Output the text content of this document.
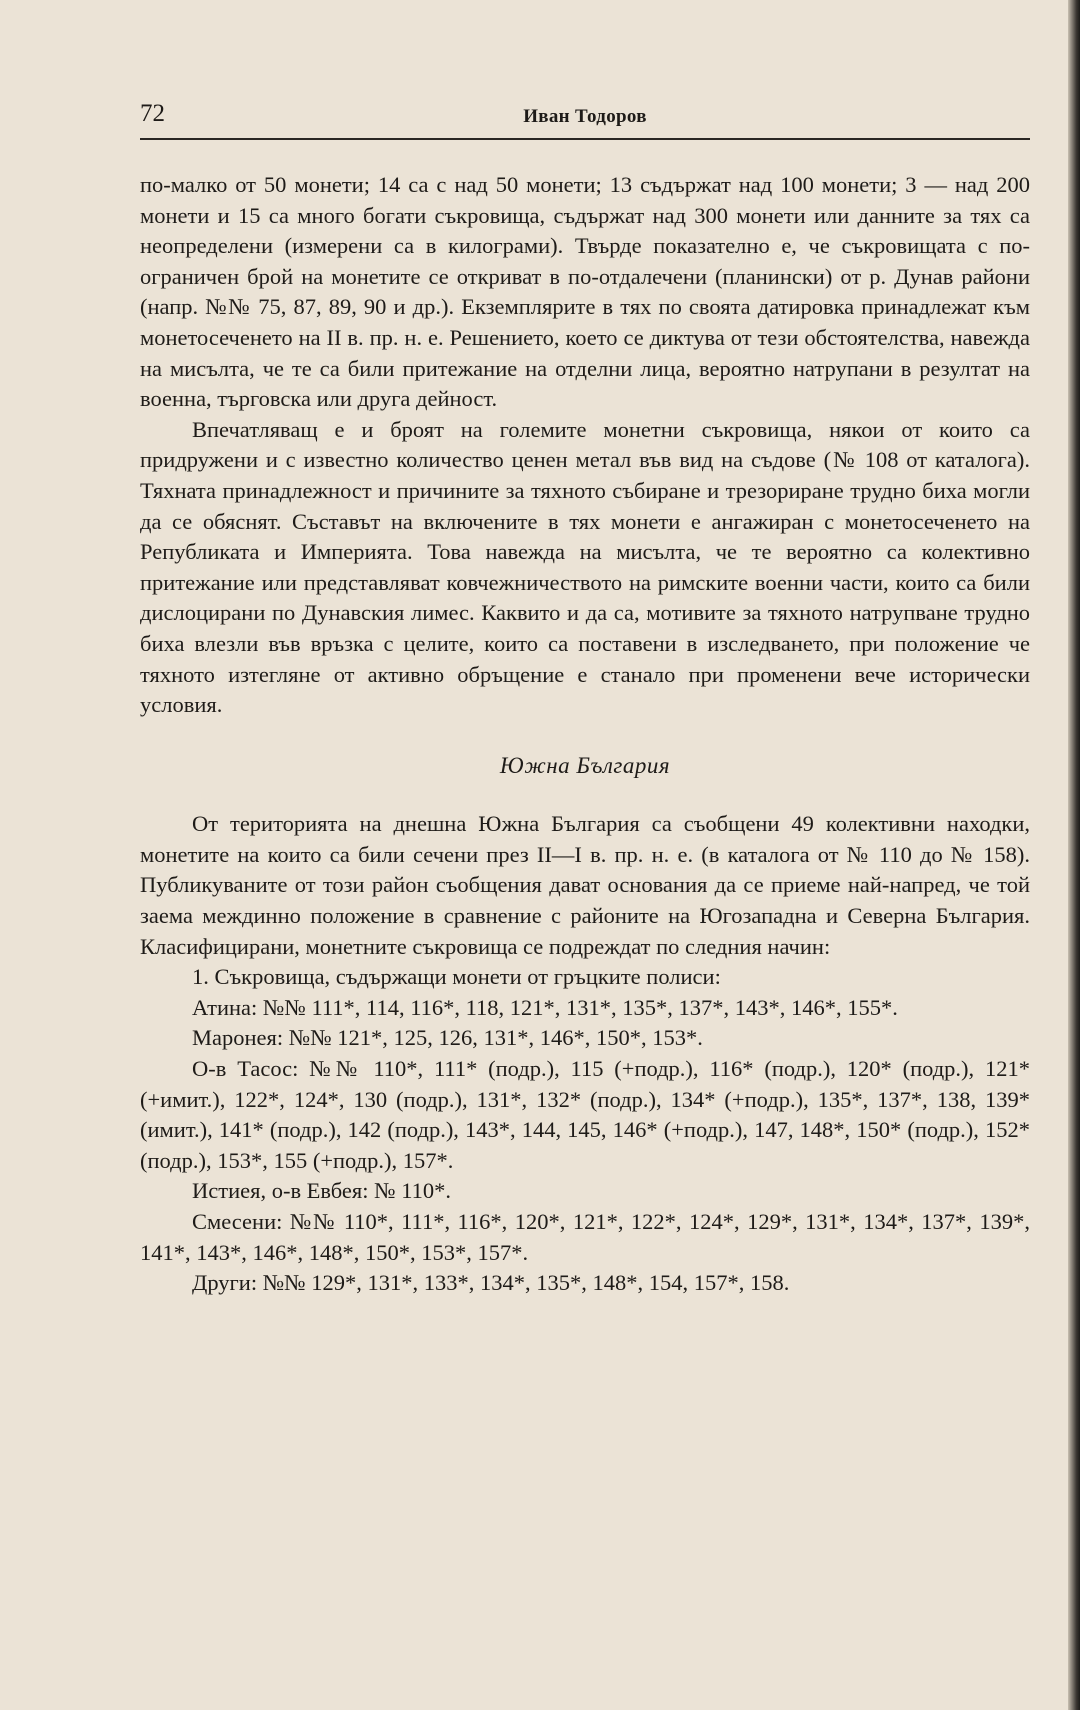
72	Иван Тодоров

по-малко от 50 монети; 14 са с над 50 монети; 13 съдържат над 100 монети; 3 — над 200 монети и 15 са много богати съкровища, съдържат над 300 монети или данните за тях са неопределени (измерени са в килограми). Твърде показателно е, че съкровищата с по-ограничен брой на монетите се откриват в по-отдалечени (планински) от р. Дунав райони (напр. №№ 75, 87, 89, 90 и др.). Екземплярите в тях по своята датировка принадлежат към монетосеченето на II в. пр. н. е. Решението, което се диктува от тези обстоятелства, навежда на мисълта, че те са били притежание на отделни лица, вероятно натрупани в резултат на военна, търговска или друга дейност.

Впечатляващ е и броят на големите монетни съкровища, някои от които са придружени и с известно количество ценен метал във вид на съдове (№ 108 от каталога). Тяхната принадлежност и причините за тяхното събиране и трезориране трудно биха могли да се обяснят. Съставът на включените в тях монети е ангажиран с монетосеченето на Републиката и Империята. Това навежда на мисълта, че те вероятно са колективно притежание или представляват ковчежничеството на римските военни части, които са били дислоцирани по Дунавския лимес. Каквито и да са, мотивите за тяхното натрупване трудно биха влезли във връзка с целите, които са поставени в изследването, при положение че тяхното изтегляне от активно обръщение е станало при променени вече исторически условия.

Южна България

От територията на днешна Южна България са съобщени 49 колективни находки, монетите на които са били сечени през II—I в. пр. н. е. (в каталога от № 110 до № 158). Публикуваните от този район съобщения дават основания да се приеме най-напред, че той заема междинно положение в сравнение с районите на Югозападна и Северна България. Класифицирани, монетните съкровища се подреждат по следния начин:

1. Съкровища, съдържащи монети от гръцките полиси:

Атина: №№ 111*, 114, 116*, 118, 121*, 131*, 135*, 137*, 143*, 146*, 155*.

Маронея: №№ 121*, 125, 126, 131*, 146*, 150*, 153*.

О-в Тасос: №№ 110*, 111* (подр.), 115 (+подр.), 116* (подр.), 120* (подр.), 121* (+имит.), 122*, 124*, 130 (подр.), 131*, 132* (подр.), 134* (+подр.), 135*, 137*, 138, 139* (имит.), 141* (подр.), 142 (подр.), 143*, 144, 145, 146* (+подр.), 147, 148*, 150* (подр.), 152* (подр.), 153*, 155 (+подр.), 157*.

Истиея, о-в Евбея: № 110*.

Смесени: №№ 110*, 111*, 116*, 120*, 121*, 122*, 124*, 129*, 131*, 134*, 137*, 139*, 141*, 143*, 146*, 148*, 150*, 153*, 157*.

Други: №№ 129*, 131*, 133*, 134*, 135*, 148*, 154, 157*, 158.
